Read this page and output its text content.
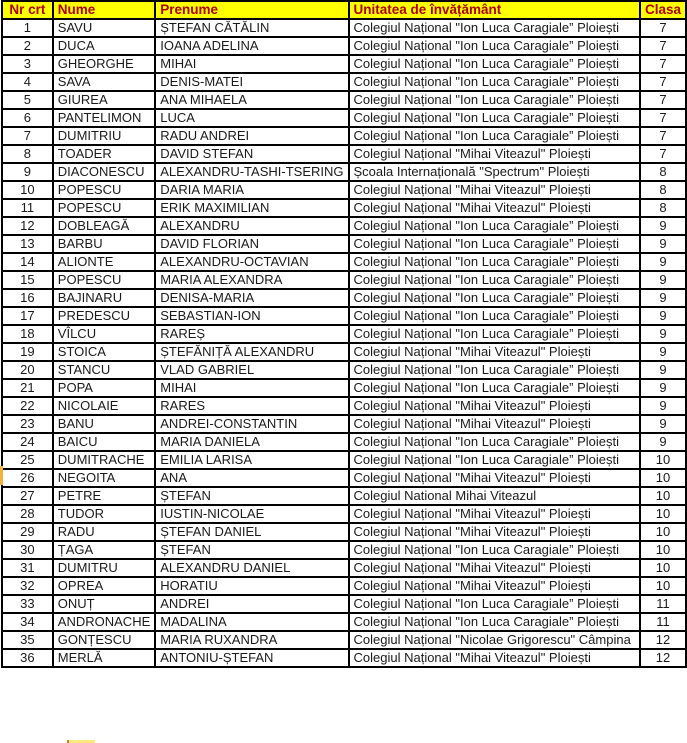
Nr crt	Nume	Prenume	Unitatea de învățământ	Clasa
1	SAVU	ȘTEFAN CĂTĂLIN	Colegiul Național "Ion Luca Caragiale” Ploiești	7
2	DUCA	IOANA ADELINA	Colegiul Național "Ion Luca Caragiale” Ploiești	7
3	GHEORGHE	MIHAI	Colegiul Național "Ion Luca Caragiale” Ploiești	7
4	SAVA	DENIS-MATEI	Colegiul Național "Ion Luca Caragiale” Ploiești	7
5	GIUREA	ANA MIHAELA	Colegiul Național "Ion Luca Caragiale” Ploiești	7
6	PANTELIMON	LUCA	Colegiul Național "Ion Luca Caragiale” Ploiești	7
7	DUMITRIU	RADU ANDREI	Colegiul Național "Ion Luca Caragiale” Ploiești	7
8	TOADER	DAVID STEFAN	Colegiul Național "Mihai Viteazul" Ploiești	7
9	DIACONESCU	ALEXANDRU-TASHI-TSERING	Școala Internațională "Spectrum" Ploiești	8
10	POPESCU	DARIA MARIA	Colegiul Național "Mihai Viteazul" Ploiești	8
11	POPESCU	ERIK MAXIMILIAN	Colegiul Național "Mihai Viteazul" Ploiești	8
12	DOBLEAGĂ	ALEXANDRU	Colegiul Național "Ion Luca Caragiale” Ploiești	9
13	BARBU	DAVID FLORIAN	Colegiul Național "Ion Luca Caragiale” Ploiești	9
14	ALIONTE	ALEXANDRU-OCTAVIAN	Colegiul Național "Ion Luca Caragiale” Ploiești	9
15	POPESCU	MARIA ALEXANDRA	Colegiul Național "Ion Luca Caragiale” Ploiești	9
16	BAJINARU	DENISA-MARIA	Colegiul Național "Ion Luca Caragiale” Ploiești	9
17	PREDESCU	SEBASTIAN-ION	Colegiul Național "Ion Luca Caragiale” Ploiești	9
18	VÎLCU	RAREȘ	Colegiul Național "Ion Luca Caragiale” Ploiești	9
19	STOICA	ȘTEFĂNIȚĂ ALEXANDRU	Colegiul Național "Mihai Viteazul" Ploiești	9
20	STANCU	VLAD GABRIEL	Colegiul Național "Ion Luca Caragiale” Ploiești	9
21	POPA	MIHAI	Colegiul Național "Ion Luca Caragiale” Ploiești	9
22	NICOLAIE	RARES	Colegiul Național "Mihai Viteazul" Ploiești	9
23	BANU	ANDREI-CONSTANTIN	Colegiul Național "Mihai Viteazul" Ploiești	9
24	BAICU	MARIA DANIELA	Colegiul Național "Ion Luca Caragiale” Ploiești	9
25	DUMITRACHE	EMILIA LARISA	Colegiul Național "Ion Luca Caragiale” Ploiești	10
26	NEGOITA	ANA	Colegiul Național "Mihai Viteazul" Ploiești	10
27	PETRE	ȘTEFAN	Colegiul National Mihai Viteazul	10
28	TUDOR	IUSTIN-NICOLAE	Colegiul Național "Mihai Viteazul" Ploiești	10
29	RADU	ȘTEFAN DANIEL	Colegiul Național "Mihai Viteazul" Ploiești	10
30	ȚAGA	ȘTEFAN	Colegiul Național "Ion Luca Caragiale” Ploiești	10
31	DUMITRU	ALEXANDRU DANIEL	Colegiul Național "Mihai Viteazul" Ploiești	10
32	OPREA	HORATIU	Colegiul Național "Mihai Viteazul" Ploiești	10
33	ONUȚ	ANDREI	Colegiul Național "Ion Luca Caragiale” Ploiești	11
34	ANDRONACHE	MADALINA	Colegiul Național "Ion Luca Caragiale” Ploiești	11
35	GONȚESCU	MARIA RUXANDRA	Colegiul Național "Nicolae Grigorescu" Câmpina	12
36	MERLĂ	ANTONIU-ȘTEFAN	Colegiul Național "Mihai Viteazul" Ploiești	12
